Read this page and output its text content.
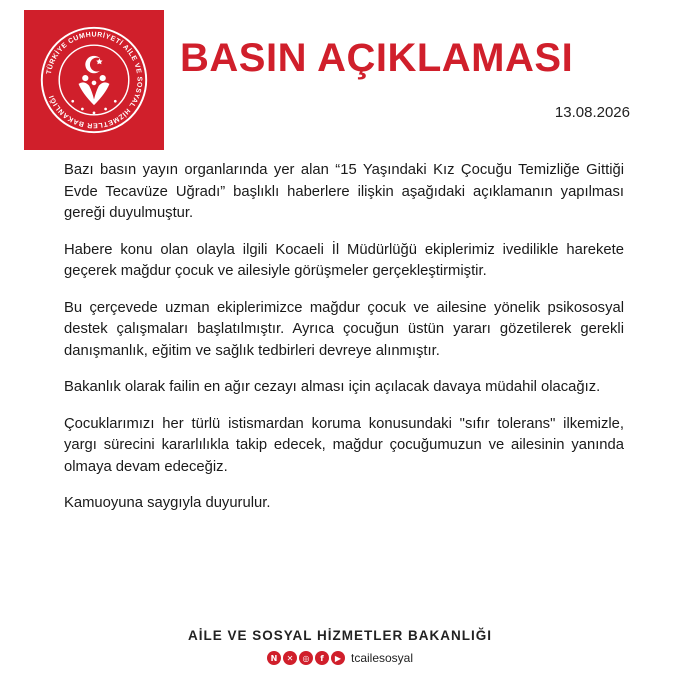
TÜRKİYE CUMHURİYETİ AİLE VE SOSYAL HİZMETLER BAKANLIĞI
BASIN AÇIKLAMASI
13.08.2026

Bazı basın yayın organlarında yer alan “15 Yaşındaki Kız Çocuğu Temizliğe Gittiği Evde Tecavüze Uğradı” başlıklı haberlere ilişkin aşağıdaki açıklamanın yapılması gereği duyulmuştur.

Habere konu olan olayla ilgili Kocaeli İl Müdürlüğü ekiplerimiz ivedilikle harekete geçerek mağdur çocuk ve ailesiyle görüşmeler gerçekleştirmiştir.

Bu çerçevede uzman ekiplerimizce mağdur çocuk ve ailesine yönelik psikososyal destek çalışmaları başlatılmıştır. Ayrıca çocuğun üstün yararı gözetilerek gerekli danışmanlık, eğitim ve sağlık tedbirleri devreye alınmıştır.

Bakanlık olarak failin en ağır cezayı alması için açılacak davaya müdahil olacağız.

Çocuklarımızı her türlü istismardan koruma konusundaki "sıfır tolerans" ilkemizle, yargı sürecini kararlılıkla takip edecek, mağdur çocuğumuzun ve ailesinin yanında olmaya devam edeceğiz.

Kamuoyuna saygıyla duyurulur.

AİLE VE SOSYAL HİZMETLER BAKANLIĞI
N	✕	◎	f	▶ tcailesosyal
